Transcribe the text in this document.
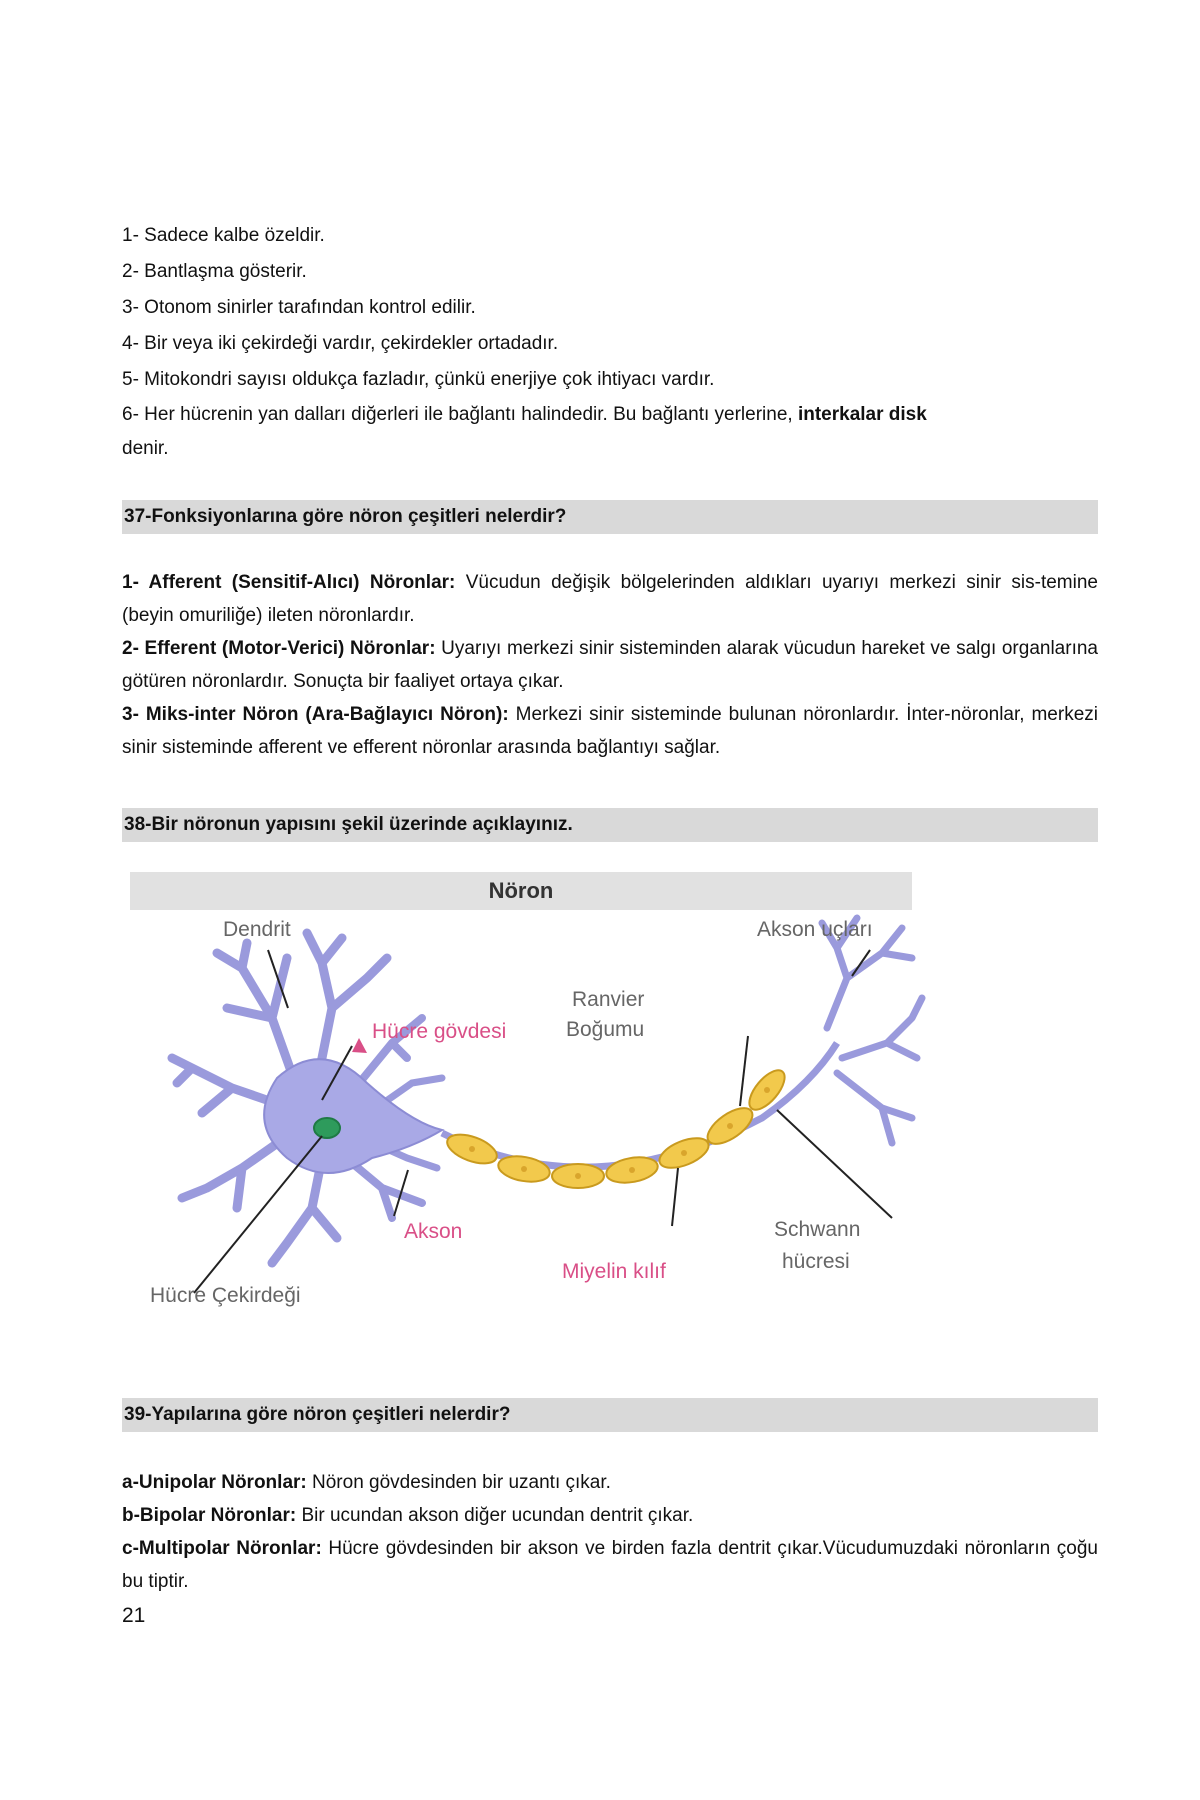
1- Sadece kalbe özeldir.

2- Bantlaşma gösterir.

3- Otonom sinirler tarafından kontrol edilir.

4- Bir veya iki çekirdeği vardır, çekirdekler ortadadır.

5- Mitokondri sayısı oldukça fazladır, çünkü enerjiye çok ihtiyacı vardır.

6- Her hücrenin yan dalları diğerleri ile bağlantı halindedir. Bu bağlantı yerlerine, interkalar disk

denir.

37-Fonksiyonlarına göre nöron çeşitleri nelerdir?

1- Afferent (Sensitif-Alıcı) Nöronlar: Vücudun değişik bölgelerinden aldıkları uyarıyı merkezi sinir sis-temine (beyin omuriliğe) ileten nöronlardır.

2- Efferent (Motor-Verici) Nöronlar: Uyarıyı merkezi sinir sisteminden alarak vücudun hareket ve salgı organlarına götüren nöronlardır. Sonuçta bir faaliyet ortaya çıkar.

3- Miks-inter Nöron (Ara-Bağlayıcı Nöron): Merkezi sinir sisteminde bulunan nöronlardır. İnter-nöronlar, merkezi sinir sisteminde afferent ve efferent nöronlar arasında bağlantıyı sağlar.

38-Bir nöronun yapısını şekil üzerinde açıklayınız.
Nöron
Dendrit	Akson uçları
Ranvier
Boğumu
Hücre gövdesi
Akson
Miyelin kılıf
Schwann
hücresi
Hücre Çekirdeği
39-Yapılarına göre nöron çeşitleri nelerdir?

a-Unipolar Nöronlar: Nöron gövdesinden bir uzantı çıkar.

b-Bipolar Nöronlar: Bir ucundan akson diğer ucundan dentrit çıkar.

c-Multipolar Nöronlar: Hücre gövdesinden bir akson ve birden fazla dentrit çıkar.Vücudumuzdaki nöronların çoğu bu tiptir.

21
